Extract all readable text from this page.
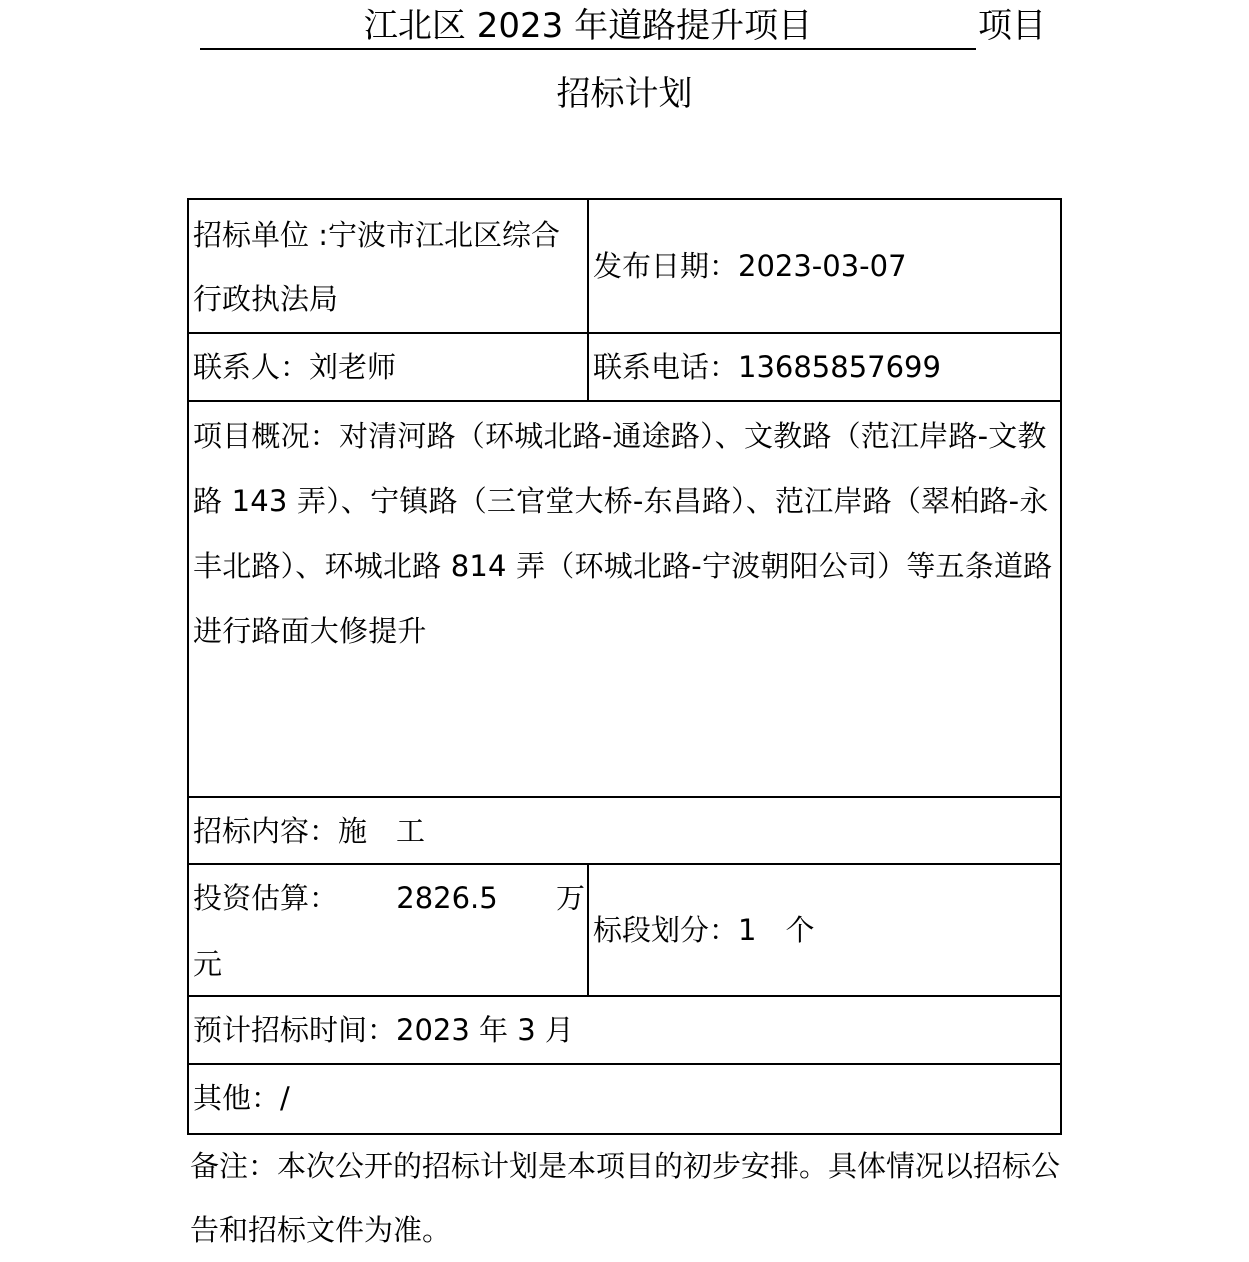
江北区 2023 年道路提升项目	项目
招标计划
招标单位 :宁波市江北区综合行政执法局
发布日期：2023-03-07
联系人：刘老师	联系电话：13685857699
项目概况：对清河路（环城北路-通途路）、文教路（范江岸路-文教路 143 弄）、宁镇路（三官堂大桥-东昌路）、范江岸路（翠柏路-永丰北路）、环城北路 814 弄（环城北路-宁波朝阳公司）等五条道路进行路面大修提升
招标内容：施　工
投资估算： 2826.5 万
元
标段划分：1　个
预计招标时间：2023 年 3 月
其他：/
备注：本次公开的招标计划是本项目的初步安排。具体情况以招标公告和招标文件为准。
